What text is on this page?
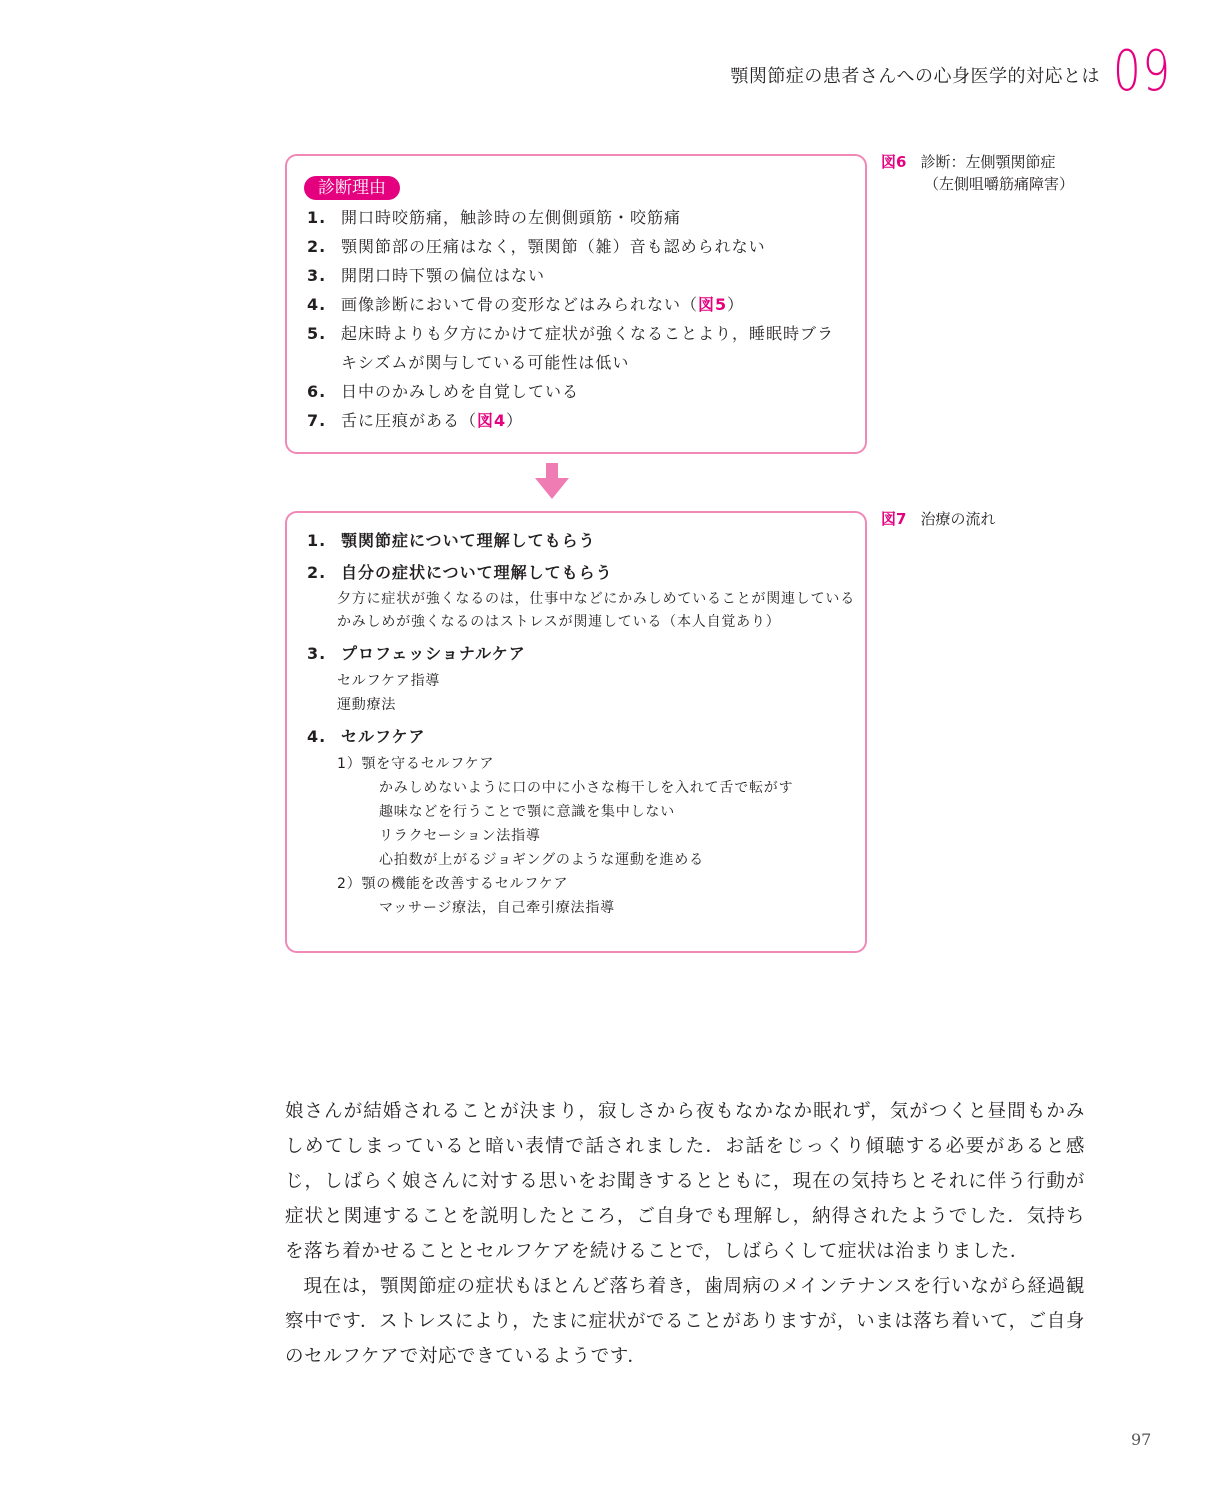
顎関節症の患者さんへの心身医学的対応とは 09
図6 診断：左側顎関節症
（左側咀嚼筋痛障害）
診断理由
1. 開口時咬筋痛，触診時の左側側頭筋・咬筋痛
2. 顎関節部の圧痛はなく，顎関節（雑）音も認められない
3. 開閉口時下顎の偏位はない
4. 画像診断において骨の変形などはみられない（図5）
5. 起床時よりも夕方にかけて症状が強くなることより，睡眠時ブラキシズムが関与している可能性は低い
6. 日中のかみしめを自覚している
7. 舌に圧痕がある（図4）
図7 治療の流れ
1. 顎関節症について理解してもらう
2. 自分の症状について理解してもらう
夕方に症状が強くなるのは，仕事中などにかみしめていることが関連している
かみしめが強くなるのはストレスが関連している（本人自覚あり）
3. プロフェッショナルケア
セルフケア指導
運動療法
4. セルフケア
1）顎を守るセルフケア
かみしめないように口の中に小さな梅干しを入れて舌で転がす
趣味などを行うことで顎に意識を集中しない
リラクセーション法指導
心拍数が上がるジョギングのような運動を進める
2）顎の機能を改善するセルフケア
マッサージ療法，自己牽引療法指導

娘さんが結婚されることが決まり，寂しさから夜もなかなか眠れず，気がつくと昼間もかみしめてしまっていると暗い表情で話されました．お話をじっくり傾聴する必要があると感じ，しばらく娘さんに対する思いをお聞きするとともに，現在の気持ちとそれに伴う行動が症状と関連することを説明したところ，ご自身でも理解し，納得されたようでした．気持ちを落ち着かせることとセルフケアを続けることで，しばらくして症状は治まりました．

現在は，顎関節症の症状もほとんど落ち着き，歯周病のメインテナンスを行いながら経過観察中です．ストレスにより，たまに症状がでることがありますが，いまは落ち着いて，ご自身のセルフケアで対応できているようです．

97
